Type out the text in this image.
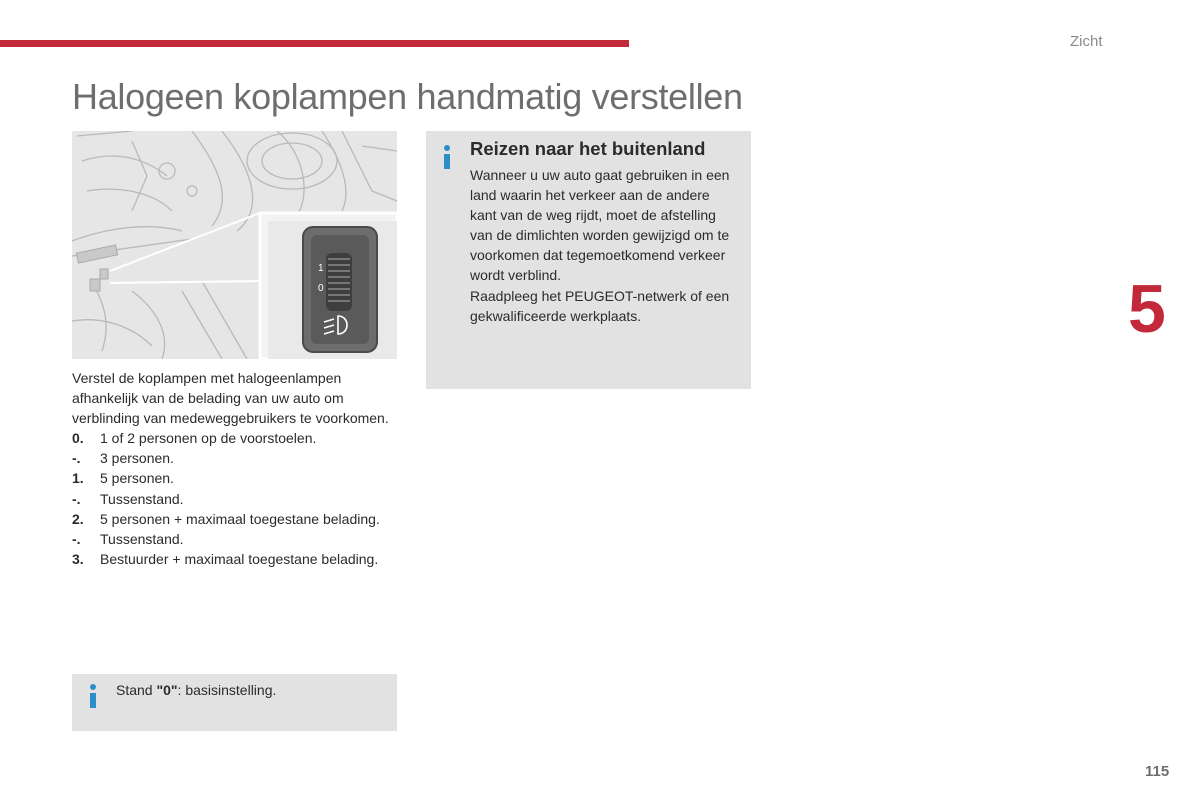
Zicht
Halogeen koplampen handmatig verstellen
5
1
0

Verstel de koplampen met halogeenlampen afhankelijk van de belading van uw auto om verblinding van medeweggebruikers te voorkomen.

0.	1 of 2 personen op de voorstoelen.
-.	3 personen.
1.	5 personen.
-.	Tussenstand.
2.	5 personen + maximaal toegestane belading.
-.	Tussenstand.
3.	Bestuurder + maximaal toegestane belading.
Reizen naar het buitenland

Wanneer u uw auto gaat gebruiken in een land waarin het verkeer aan de andere kant van de weg rijdt, moet de afstelling van de dimlichten worden gewijzigd om te voorkomen dat tegemoetkomend verkeer wordt verblind.

Raadpleeg het PEUGEOT-netwerk of een gekwalificeerde werkplaats.

Stand "0": basisinstelling.
115
